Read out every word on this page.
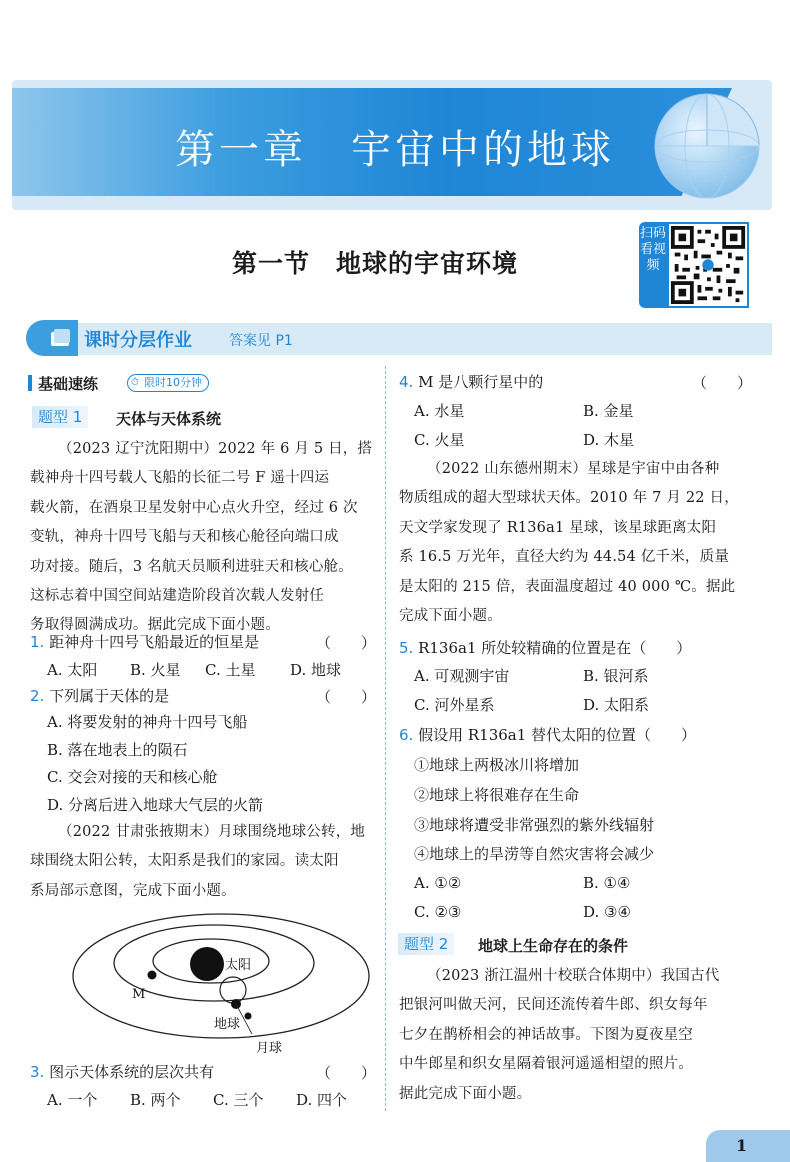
第一章　宇宙中的地球
第一节　地球的宇宙环境
扫码
看视
频
课时分层作业	答案见 P1
基础速练
⏱	限时10分钟
题型 1	天体与天体系统
（2023 辽宁沈阳期中）2022 年 6 月 5 日，搭
载神舟十四号载人飞船的长征二号 F 遥十四运
载火箭，在酒泉卫星发射中心点火升空，经过 6 次
变轨，神舟十四号飞船与天和核心舱径向端口成
功对接。随后，3 名航天员顺利进驻天和核心舱。
这标志着中国空间站建造阶段首次载人发射任
务取得圆满成功。据此完成下面小题。
1. 距神舟十四号飞船最近的恒星是	（　　）
A. 太阳 B. 火星 C. 土星 D. 地球
2. 下列属于天体的是	（　　）
A. 将要发射的神舟十四号飞船
B. 落在地表上的陨石
C. 交会对接的天和核心舱
D. 分离后进入地球大气层的火箭
（2022 甘肃张掖期末）月球围绕地球公转，地
球围绕太阳公转，太阳系是我们的家园。读太阳
系局部示意图，完成下面小题。
太阳
M
地球
月球
3. 图示天体系统的层次共有	（　　）
A. 一个 B. 两个 C. 三个 D. 四个
4. M 是八颗行星中的	（　　）
A. 水星	B. 金星
C. 火星	D. 木星
（2022 山东德州期末）星球是宇宙中由各种
物质组成的超大型球状天体。2010 年 7 月 22 日，
天文学家发现了 R136a1 星球，该星球距离太阳
系 16.5 万光年，直径大约为 44.54 亿千米，质量
是太阳的 215 倍，表面温度超过 40 000 ℃。据此
完成下面小题。
5. R136a1 所处较精确的位置是在（　　）
A. 可观测宇宙	B. 银河系
C. 河外星系	D. 太阳系
6. 假设用 R136a1 替代太阳的位置（　　）
①地球上两极冰川将增加
②地球上将很难存在生命
③地球将遭受非常强烈的紫外线辐射
④地球上的旱涝等自然灾害将会减少
A. ①②	B. ①④
C. ②③	D. ③④
题型 2	地球上生命存在的条件
（2023 浙江温州十校联合体期中）我国古代
把银河叫做天河，民间还流传着牛郎、织女每年
七夕在鹊桥相会的神话故事。下图为夏夜星空
中牛郎星和织女星隔着银河遥遥相望的照片。
据此完成下面小题。
1
